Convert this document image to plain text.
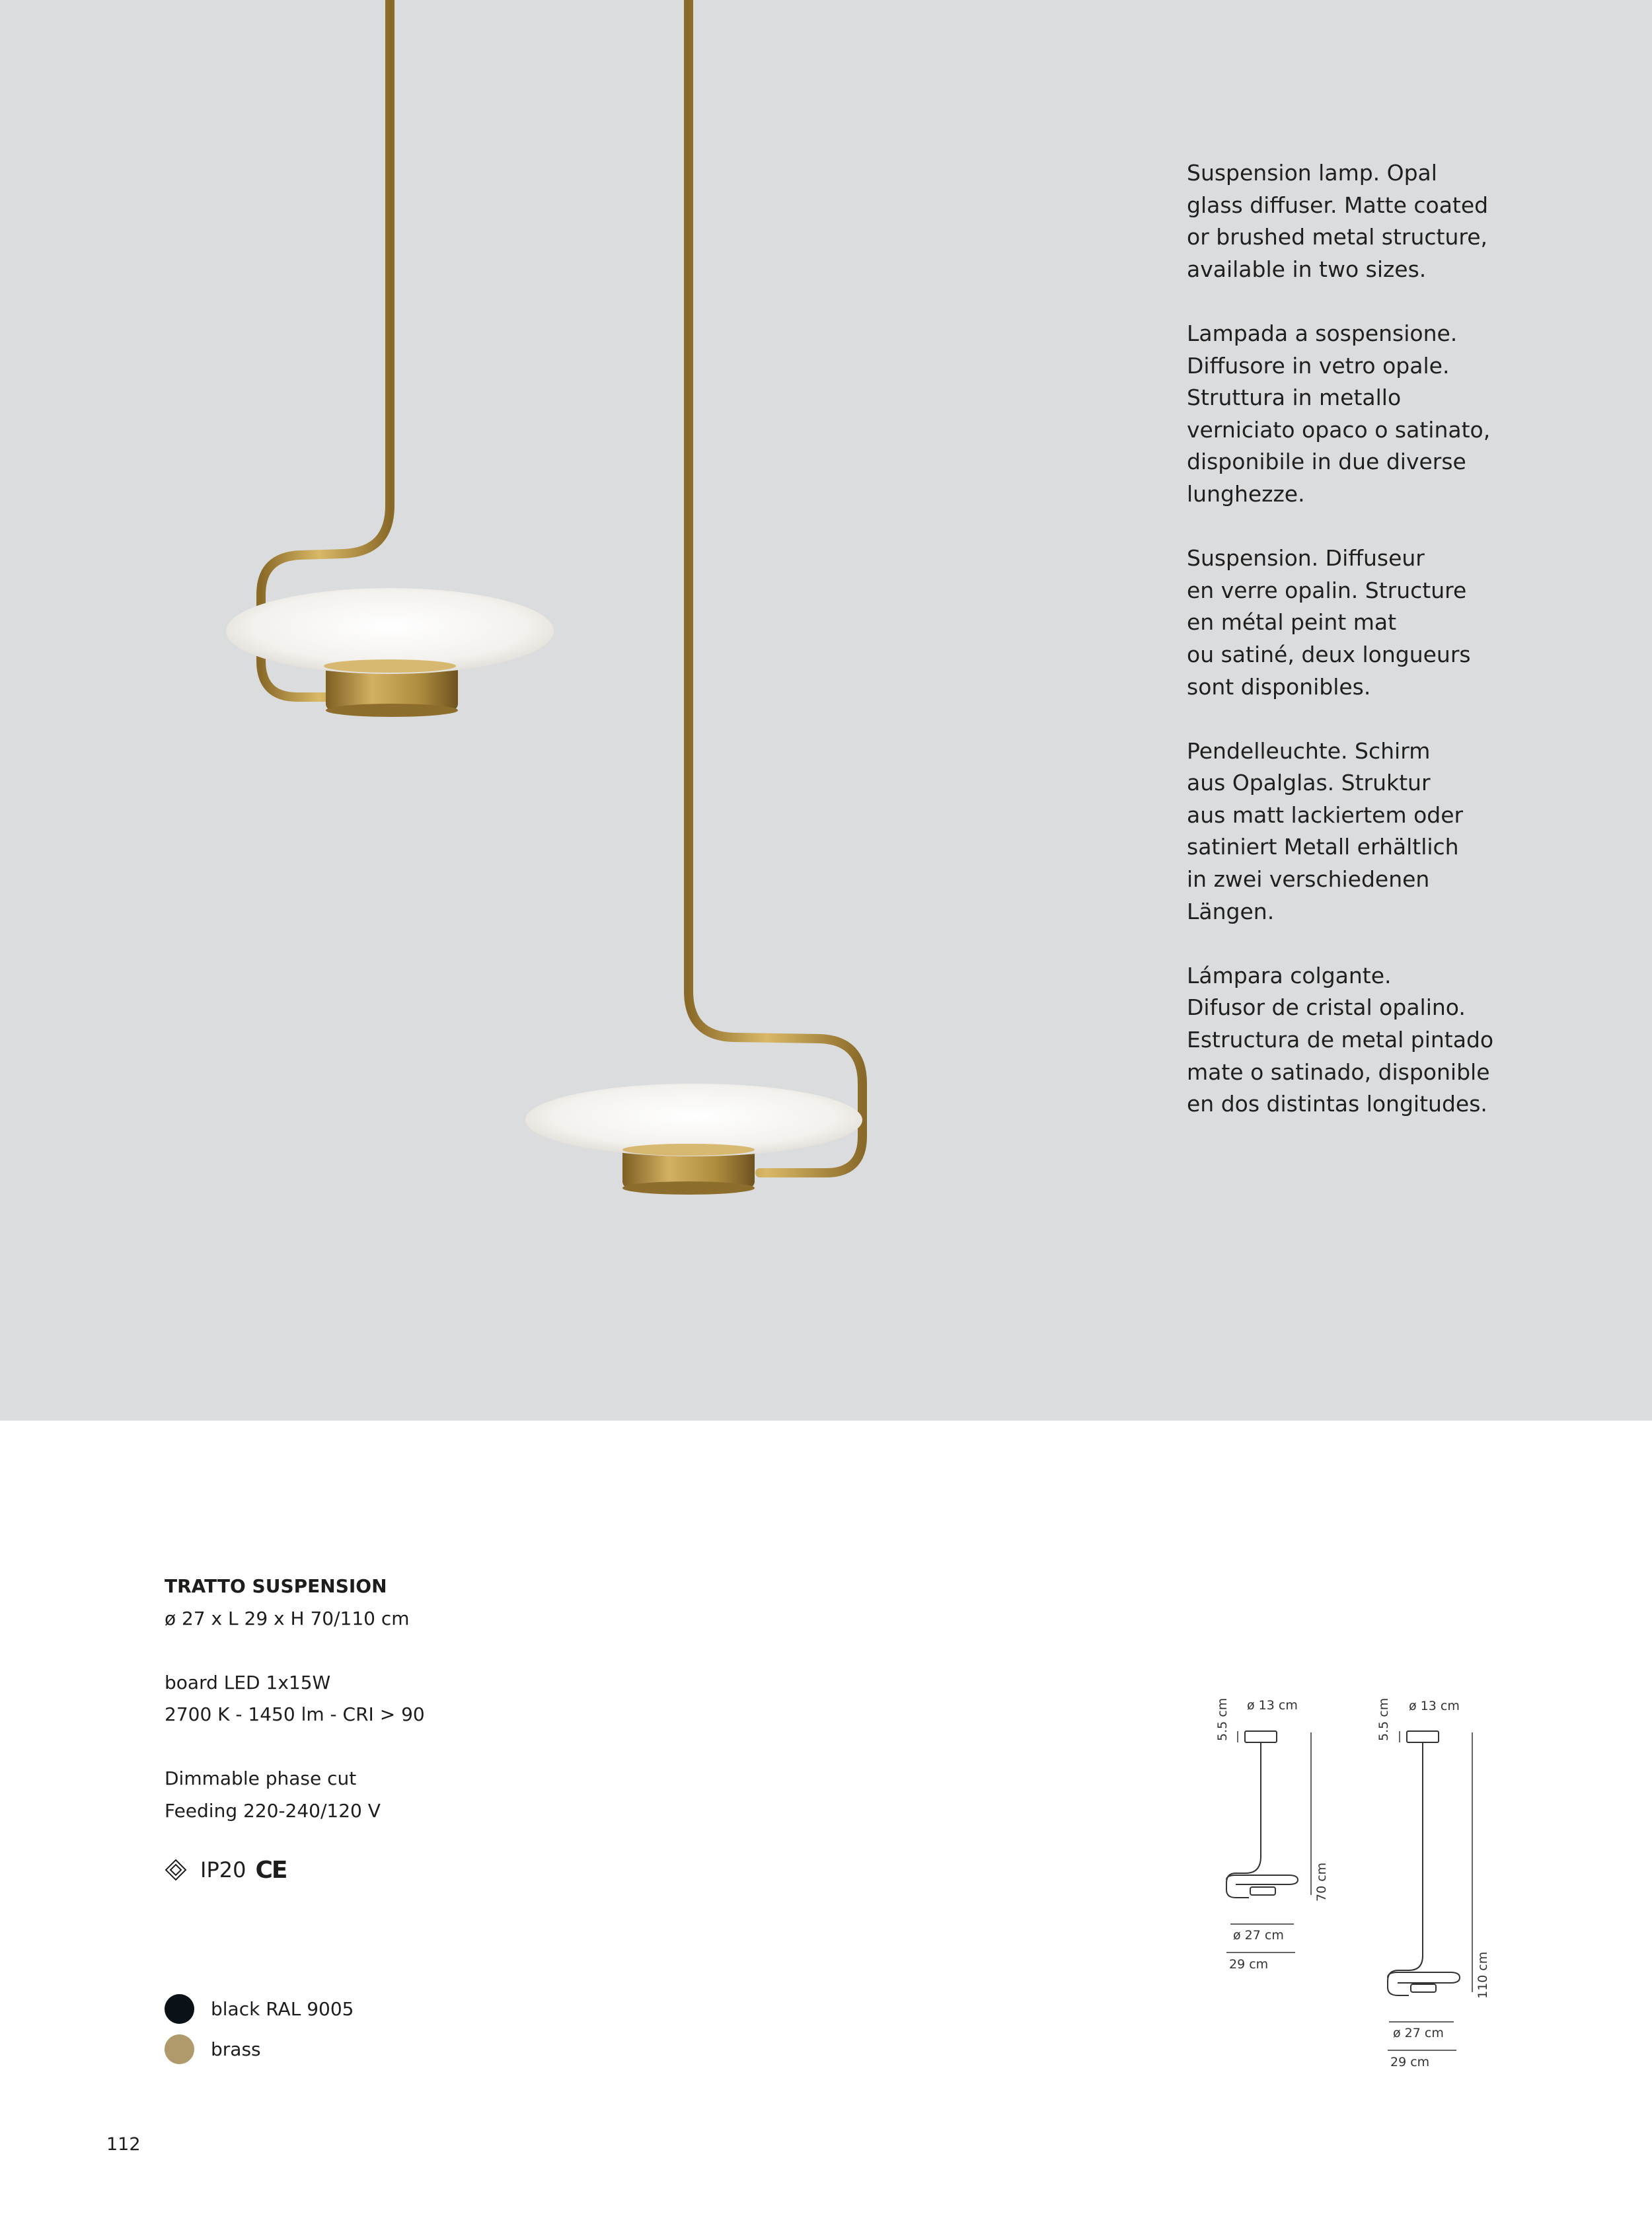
Suspension lamp. Opal
glass diffuser. Matte coated
or brushed metal structure,
available in two sizes.

Lampada a sospensione.
Diffusore in vetro opale.
Struttura in metallo
verniciato opaco o satinato,
disponibile in due diverse
lunghezze.

Suspension. Diffuseur
en verre opalin. Structure
en métal peint mat
ou satiné, deux longueurs
sont disponibles.

Pendelleuchte. Schirm
aus Opalglas. Struktur
aus matt lackiertem oder
satiniert Metall erhältlich
in zwei verschiedenen
Längen.

Lámpara colgante.
Difusor de cristal opalino.
Estructura de metal pintado
mate o satinado, disponible
en dos distintas longitudes.

TRATTO SUSPENSION
ø 27 x L 29 x H 70/110 cm
board LED 1x15W
2700 K - 1450 lm - CRI > 90
Dimmable phase cut
Feeding 220-240/120 V
IP20 CE
black RAL 9005
brass
112
ø 13 cm
5.5 cm
70 cm
ø 27 cm
29 cm
ø 13 cm
5.5 cm
110 cm
ø 27 cm
29 cm
